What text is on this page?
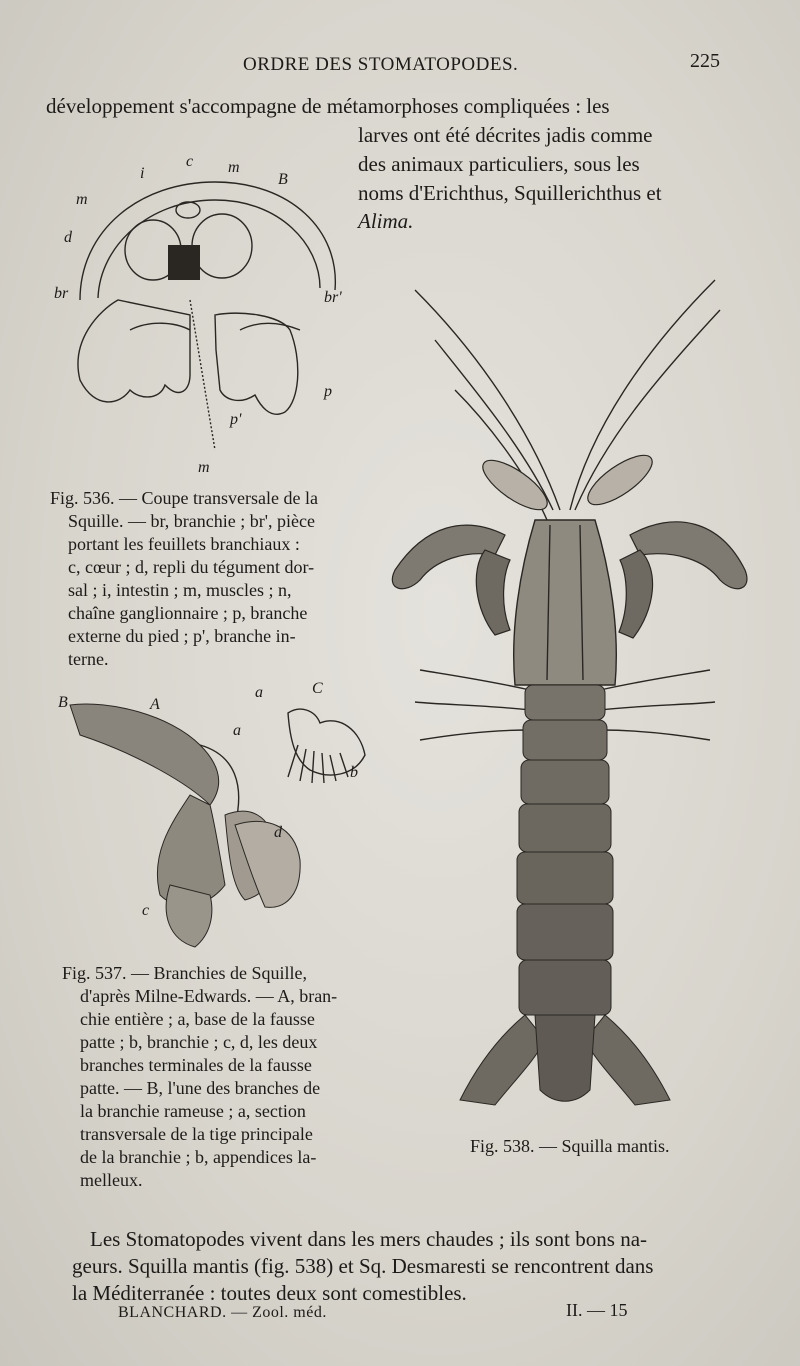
ORDRE DES STOMATOPODES.	225
développement s'accompagne de métamorphoses compliquées : les
larves ont été décrites jadis comme
des animaux particuliers, sous les
noms d'Erichthus, Squillerichthus et
Alima.
i
c m
B
m
d
br	br'
p
p'
m
Fig. 536. — Coupe transversale de la
Squille. — br, branchie ; br', pièce
portant les feuillets branchiaux :
c, cœur ; d, repli du tégument dor-
sal ; i, intestin ; m, muscles ; n,
chaîne ganglionnaire ; p, branche
externe du pied ; p', branche in-
terne.
B	A
a
d
c
a	C
b
Fig. 537. — Branchies de Squille,
d'après Milne-Edwards. — A, bran-
chie entière ; a, base de la fausse
patte ; b, branchie ; c, d, les deux
branches terminales de la fausse
patte. — B, l'une des branches de
la branchie rameuse ; a, section
transversale de la tige principale
de la branchie ; b, appendices la-
melleux.
Fig. 538. — Squilla mantis.
Les Stomatopodes vivent dans les mers chaudes ; ils sont bons na-
geurs. Squilla mantis (fig. 538) et Sq. Desmaresti se rencontrent dans
la Méditerranée : toutes deux sont comestibles.
BLANCHARD. — Zool. méd.	II. — 15
